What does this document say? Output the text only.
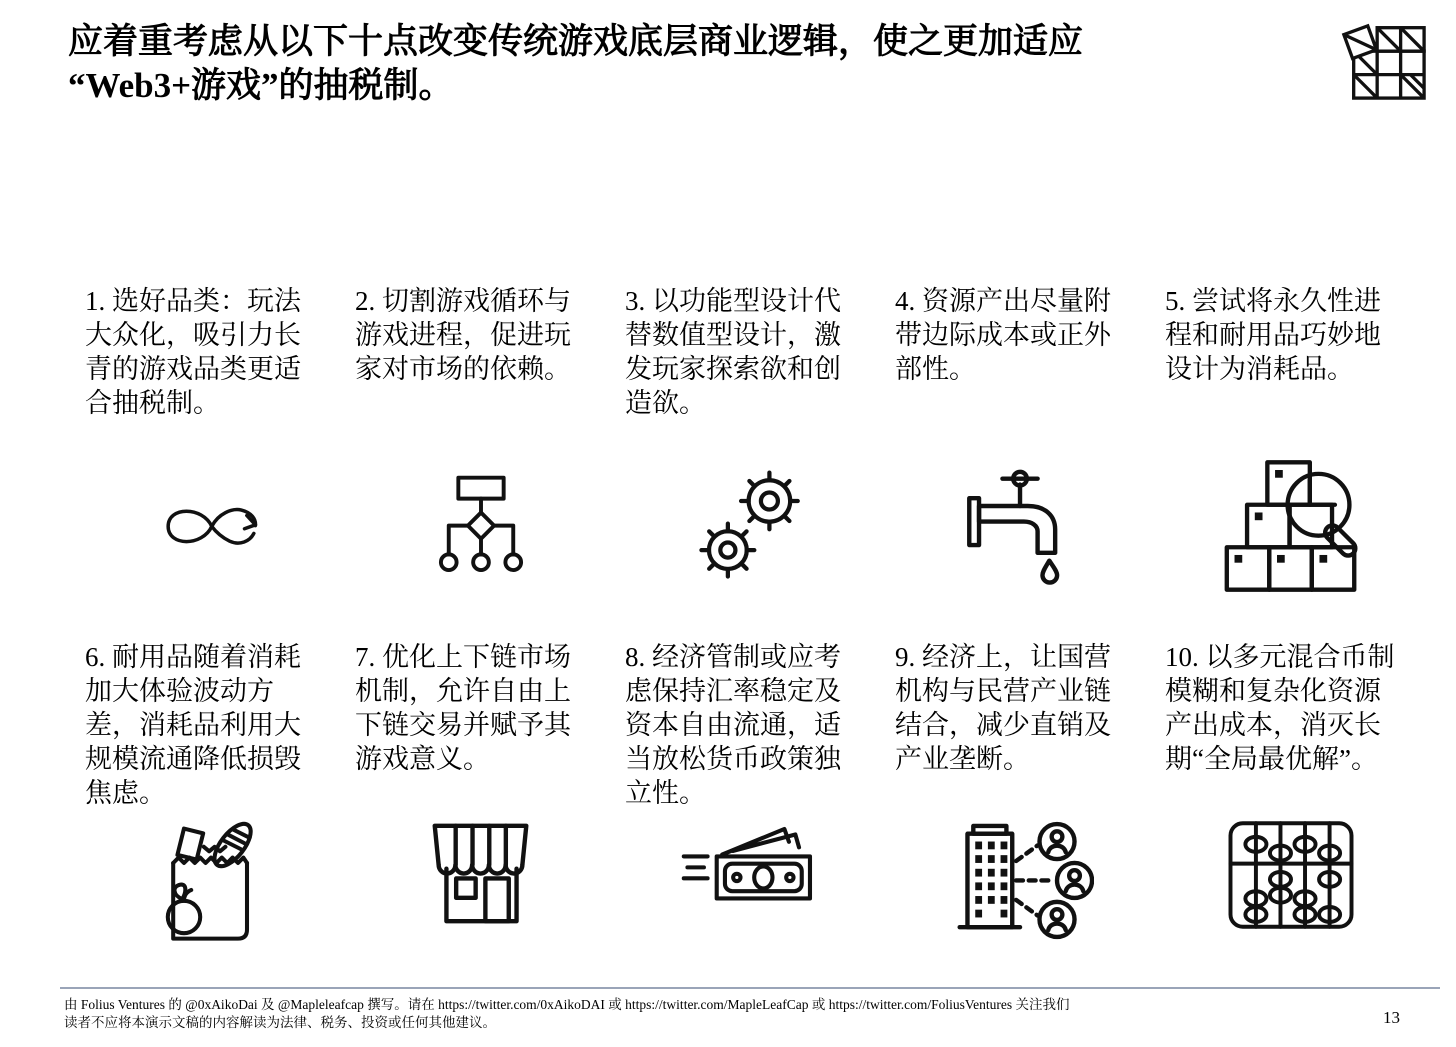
应着重考虑从以下十点改变传统游戏底层商业逻辑，使之更加适应
“Web3+游戏”的抽税制。
1. 选好品类：玩法大众化，吸引力长青的游戏品类更适合抽税制。
2. 切割游戏循环与游戏进程，促进玩家对市场的依赖。
3. 以功能型设计代替数值型设计，激发玩家探索欲和创造欲。
4. 资源产出尽量附带边际成本或正外部性。
5. 尝试将永久性进程和耐用品巧妙地设计为消耗品。
6. 耐用品随着消耗加大体验波动方差，消耗品利用大规模流通降低损毁焦虑。
7. 优化上下链市场机制，允许自由上下链交易并赋予其游戏意义。
8. 经济管制或应考虑保持汇率稳定及资本自由流通，适当放松货币政策独立性。
9. 经济上，让国营机构与民营产业链结合，减少直销及产业垄断。
10. 以多元混合币制模糊和复杂化资源产出成本，消灭长期“全局最优解”。
由 Folius Ventures 的 @0xAikoDai 及 @Mapleleafcap 撰写。请在 https://twitter.com/0xAikoDAI 或 https://twitter.com/MapleLeafCap 或 https://twitter.com/FoliusVentures 关注我们
读者不应将本演示文稿的内容解读为法律、税务、投资或任何其他建议。	13
